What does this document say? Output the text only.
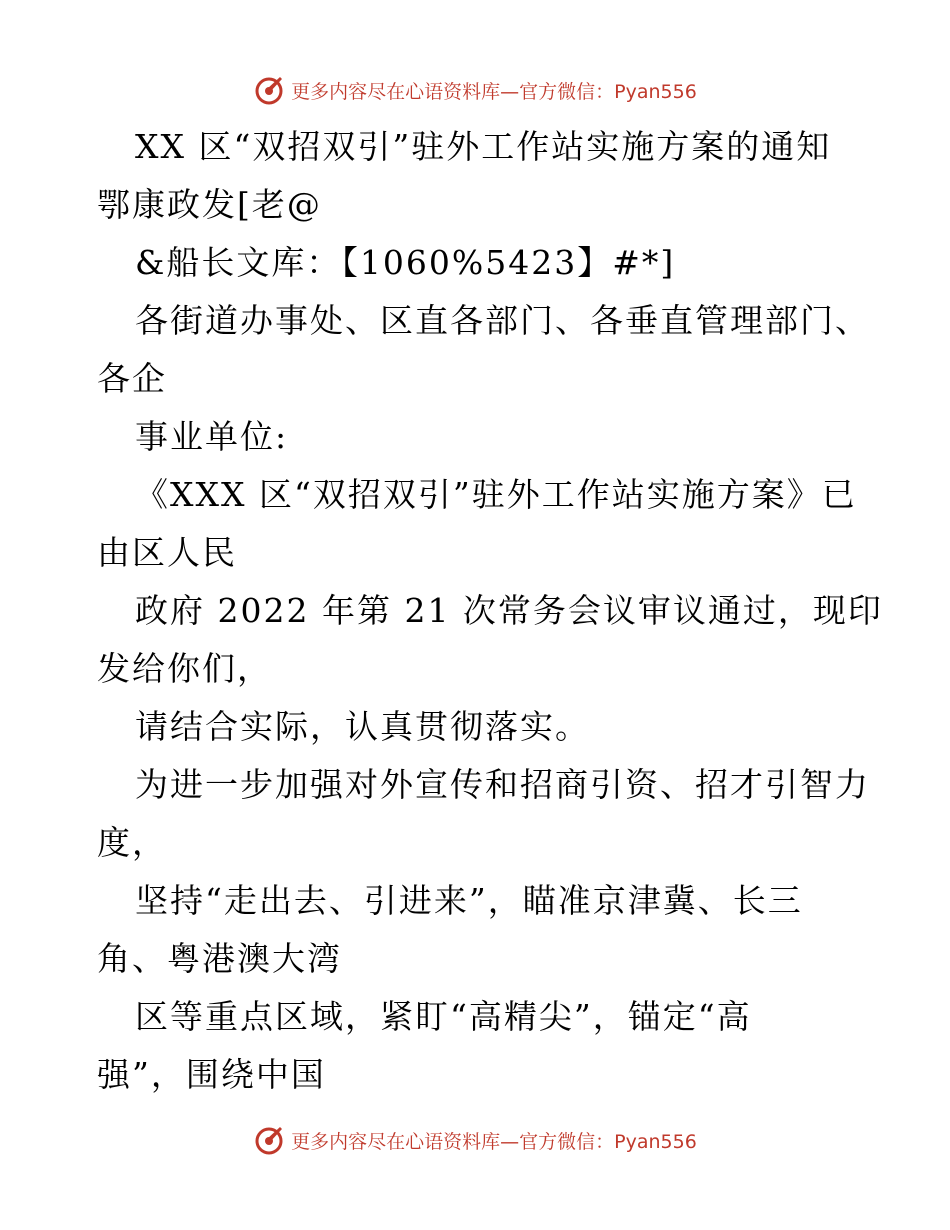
更多内容尽在心语资料库—官方微信：Pyan556
XX 区“双招双引”驻外工作站实施方案的通知
鄂康政发[老@
&船长文库：【1060%5423】#*]
各街道办事处、区直各部门、各垂直管理部门、
各企
事业单位:
《XXX 区“双招双引”驻外工作站实施方案》已
由区人民
政府 2022 年第 21 次常务会议审议通过，现印
发给你们，
请结合实际，认真贯彻落实。
为进一步加强对外宣传和招商引资、招才引智力
度，
坚持“走出去、引进来”，瞄准京津冀、长三
角、粤港澳大湾
区等重点区域，紧盯“高精尖”，锚定“高
强”，围绕中国
更多内容尽在心语资料库—官方微信：Pyan556
